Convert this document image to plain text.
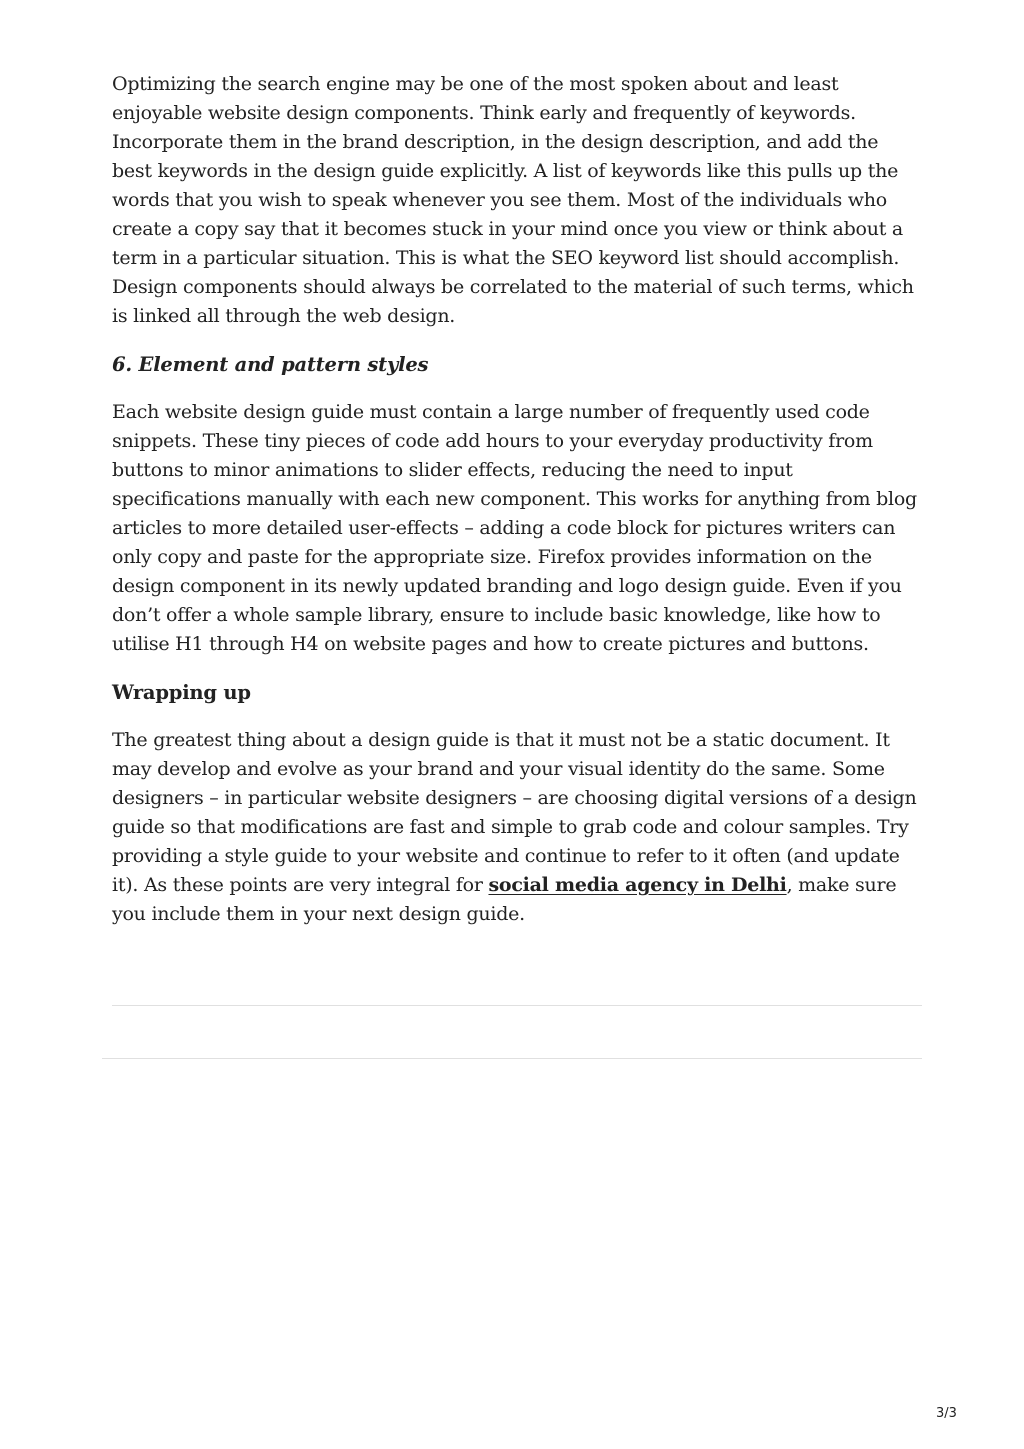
Optimizing the search engine may be one of the most spoken about and least enjoyable website design components. Think early and frequently of keywords. Incorporate them in the brand description, in the design description, and add the best keywords in the design guide explicitly. A list of keywords like this pulls up the words that you wish to speak whenever you see them. Most of the individuals who create a copy say that it becomes stuck in your mind once you view or think about a term in a particular situation. This is what the SEO keyword list should accomplish. Design components should always be correlated to the material of such terms, which is linked all through the web design.

6. Element and pattern styles

Each website design guide must contain a large number of frequently used code snippets. These tiny pieces of code add hours to your everyday productivity from buttons to minor animations to slider effects, reducing the need to input specifications manually with each new component. This works for anything from blog articles to more detailed user-effects – adding a code block for pictures writers can only copy and paste for the appropriate size. Firefox provides information on the design component in its newly updated branding and logo design guide. Even if you don’t offer a whole sample library, ensure to include basic knowledge, like how to utilise H1 through H4 on website pages and how to create pictures and buttons.

Wrapping up

The greatest thing about a design guide is that it must not be a static document. It may develop and evolve as your brand and your visual identity do the same. Some designers – in particular website designers – are choosing digital versions of a design guide so that modifications are fast and simple to grab code and colour samples. Try providing a style guide to your website and continue to refer to it often (and update it). As these points are very integral for social media agency in Delhi, make sure you include them in your next design guide.

3/3
